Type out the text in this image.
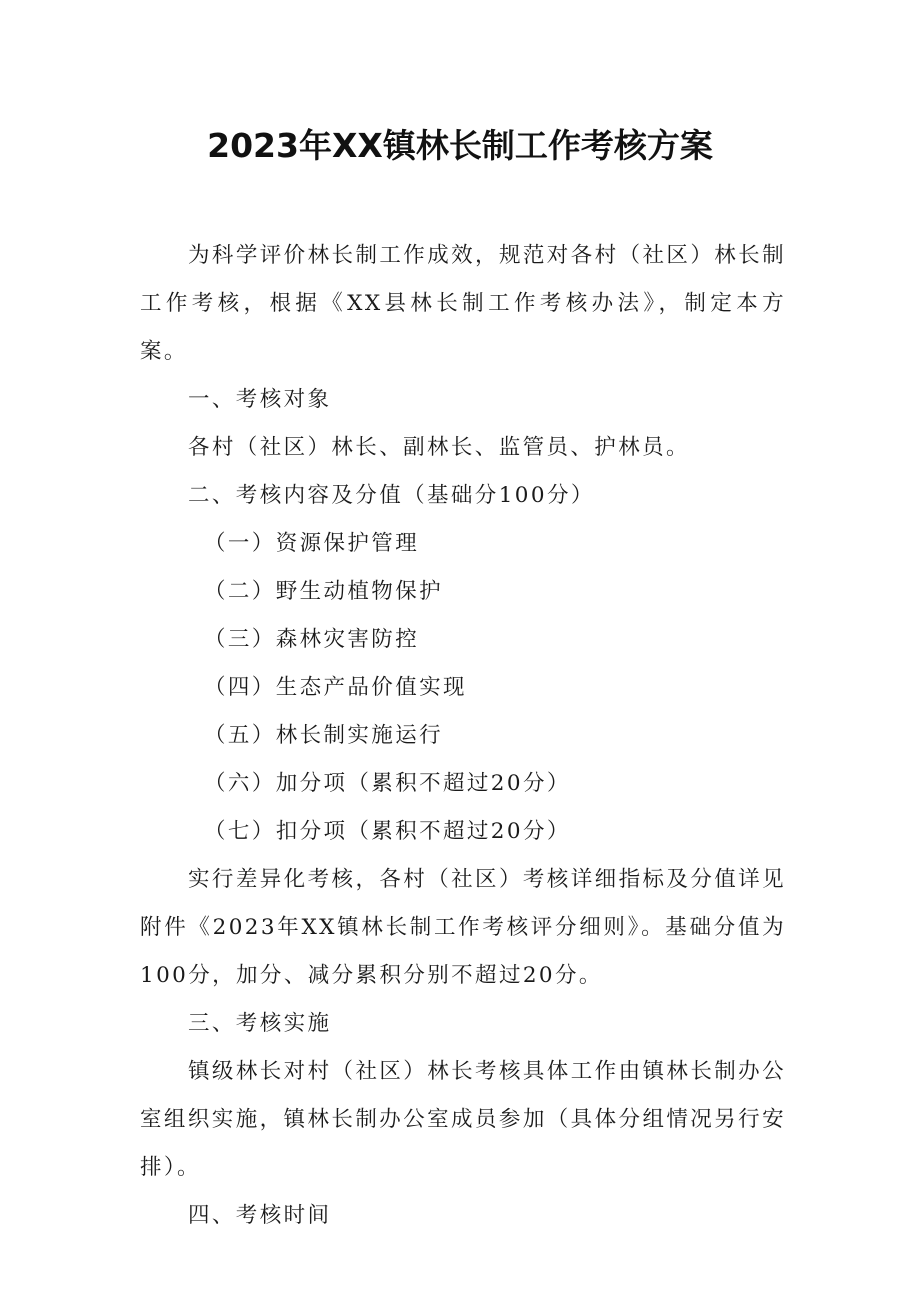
2023年XX镇林长制工作考核方案

为科学评价林长制工作成效，规范对各村（社区）林长制工作考核，根据《XX县林长制工作考核办法》，制定本方案。

一、考核对象

各村（社区）林长、副林长、监管员、护林员。

二、考核内容及分值（基础分100分）

（一）资源保护管理

（二）野生动植物保护

（三）森林灾害防控

（四）生态产品价值实现

（五）林长制实施运行

（六）加分项（累积不超过20分）

（七）扣分项（累积不超过20分）

实行差异化考核，各村（社区）考核详细指标及分值详见附件《2023年XX镇林长制工作考核评分细则》。基础分值为100分，加分、减分累积分别不超过20分。

三、考核实施

镇级林长对村（社区）林长考核具体工作由镇林长制办公室组织实施，镇林长制办公室成员参加（具体分组情况另行安排）。

四、考核时间
